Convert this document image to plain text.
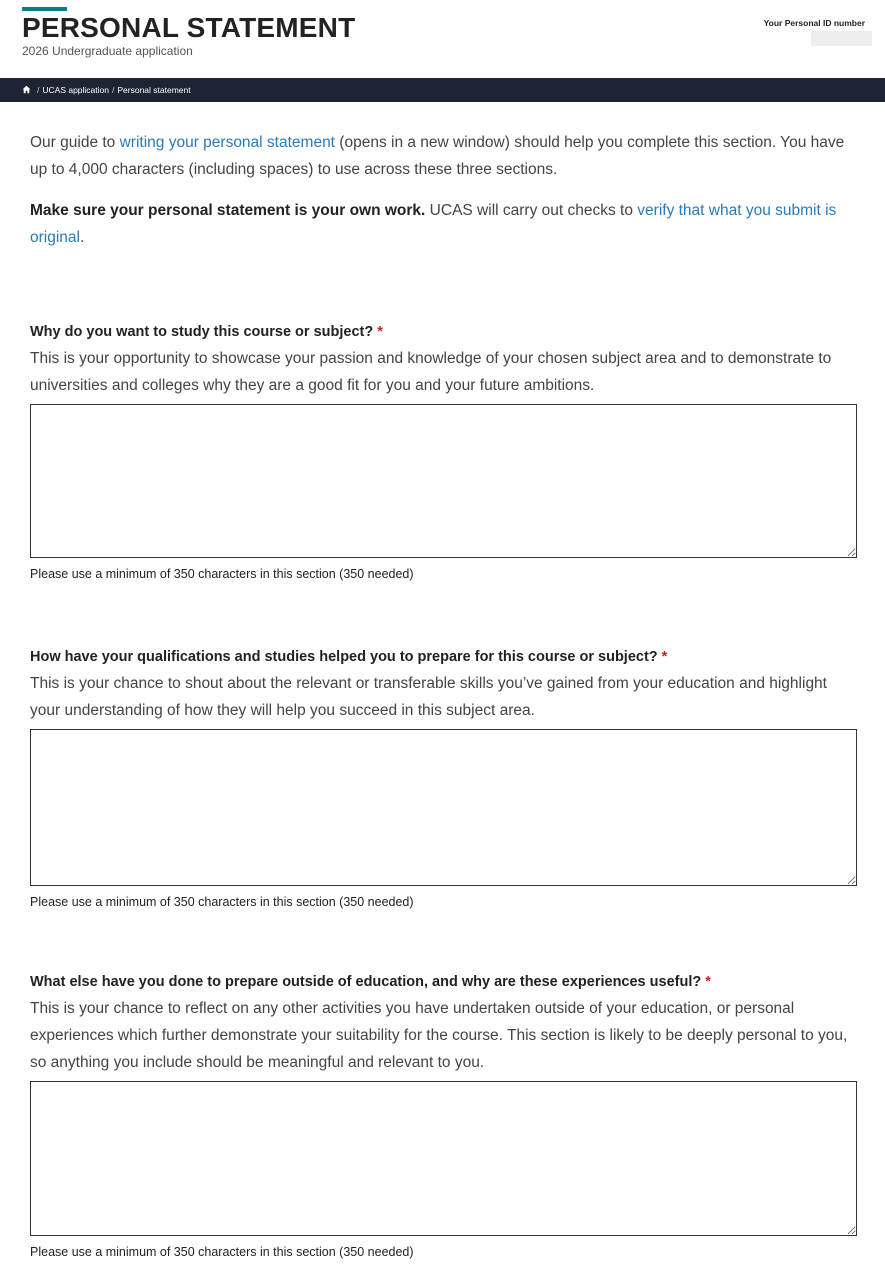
PERSONAL STATEMENT
2026 Undergraduate application
Your Personal ID number
/ UCAS application / Personal statement

Our guide to writing your personal statement (opens in a new window) should help you complete this section. You have up to 4,000 characters (including spaces) to use across these three sections.

Make sure your personal statement is your own work. UCAS will carry out checks to verify that what you submit is original.

Why do you want to study this course or subject? *

This is your opportunity to showcase your passion and knowledge of your chosen subject area and to demonstrate to universities and colleges why they are a good fit for you and your future ambitions.

Please use a minimum of 350 characters in this section (350 needed)

How have your qualifications and studies helped you to prepare for this course or subject? *

This is your chance to shout about the relevant or transferable skills you’ve gained from your education and highlight your understanding of how they will help you succeed in this subject area.

Please use a minimum of 350 characters in this section (350 needed)

What else have you done to prepare outside of education, and why are these experiences useful? *

This is your chance to reflect on any other activities you have undertaken outside of your education, or personal experiences which further demonstrate your suitability for the course. This section is likely to be deeply personal to you, so anything you include should be meaningful and relevant to you.

Please use a minimum of 350 characters in this section (350 needed)
